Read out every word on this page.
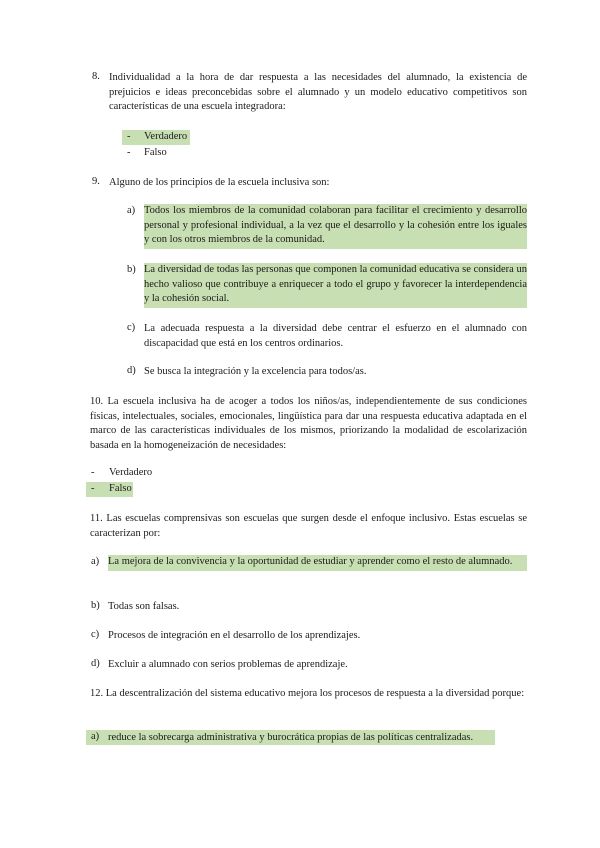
8. Individualidad a la hora de dar respuesta a las necesidades del alumnado, la existencia de prejuicios e ideas preconcebidas sobre el alumnado y un modelo educativo competitivos son características de una escuela integradora:
- Verdadero
- Falso
9. Alguno de los principios de la escuela inclusiva son:
a) Todos los miembros de la comunidad colaboran para facilitar el crecimiento y desarrollo personal y profesional individual, a la vez que el desarrollo y la cohesión entre los iguales y con los otros miembros de la comunidad.
b) La diversidad de todas las personas que componen la comunidad educativa se considera un hecho valioso que contribuye a enriquecer a todo el grupo y favorecer la interdependencia y la cohesión social.
c) La adecuada respuesta a la diversidad debe centrar el esfuerzo en el alumnado con discapacidad que está en los centros ordinarios.
d) Se busca la integración y la excelencia para todos/as.
10. La escuela inclusiva ha de acoger a todos los niños/as, independientemente de sus condiciones físicas, intelectuales, sociales, emocionales, lingüística para dar una respuesta educativa adaptada en el marco de las características individuales de los mismos, priorizando la modalidad de escolarización basada en la homogeneización de necesidades:
- Verdadero
- Falso
11. Las escuelas comprensivas son escuelas que surgen desde el enfoque inclusivo. Estas escuelas se caracterizan por:
a) La mejora de la convivencia y la oportunidad de estudiar y aprender como el resto de alumnado.
b) Todas son falsas.
c) Procesos de integración en el desarrollo de los aprendizajes.
d) Excluir a alumnado con serios problemas de aprendizaje.
12. La descentralización del sistema educativo mejora los procesos de respuesta a la diversidad porque:
a) reduce la sobrecarga administrativa y burocrática propias de las políticas centralizadas.
